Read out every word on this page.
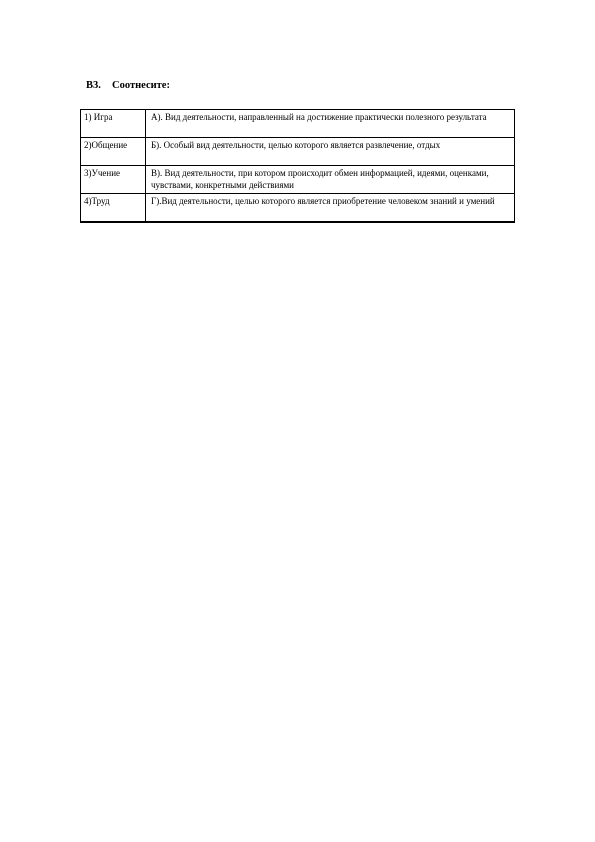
B3. Соотнесите:
1) Игра	А). Вид деятельности, направленный на достижение практически полезного результата
2)Общение	Б). Особый вид деятельности, целью которого является развлечение, отдых
3)Учение	В). Вид деятельности, при котором происходит обмен информацией, идеями, оценками, чувствами, конкретными действиями
4)Труд	Г).Вид деятельности, целью которого является приобретение человеком знаний и умений
